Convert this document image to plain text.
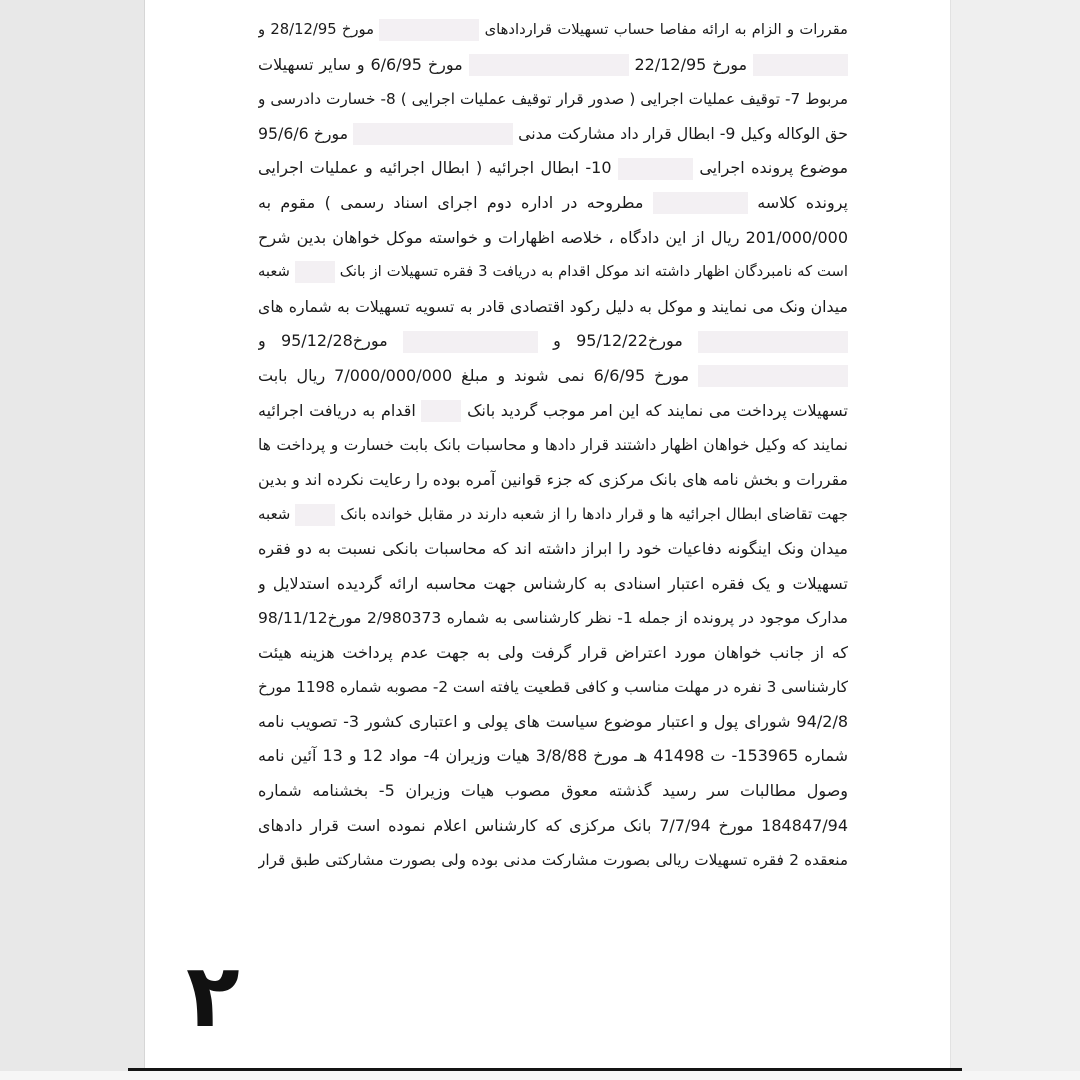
مقررات و الزام به ارائه مفاصا حساب تسهیلات قراردادهای  مورخ 28/12/95 و
مورخ 22/12/95  مورخ 6/6/95 و سایر تسهیلات
مربوط 7- توقیف عملیات اجرایی ( صدور قرار توقیف عملیات اجرایی ) 8- خسارت دادرسی و
حق الوکاله وکیل 9- ابطال قرار داد مشارکت مدنی  مورخ 95/6/6
موضوع پرونده اجرایی  10- ابطال اجرائیه ( ابطال اجرائیه و عملیات اجرایی
پرونده کلاسه  مطروحه در اداره دوم اجرای اسناد رسمی ) مقوم به
201/000/000 ریال از این دادگاه ، خلاصه اظهارات و خواسته موکل خواهان بدین شرح
است که نامبردگان اظهار داشته اند موکل اقدام به دریافت 3 فقره تسهیلات از بانک  شعبه
میدان ونک می نمایند و موکل به دلیل رکود اقتصادی قادر به تسویه تسهیلات به شماره های
مورخ95/12/22 و  مورخ95/12/28 و
مورخ 6/6/95 نمی شوند و مبلغ 7/000/000/000 ریال بابت
تسهیلات پرداخت می نمایند که این امر موجب گردید بانک  اقدام به دریافت اجرائیه
نمایند که وکیل خواهان اظهار داشتند قرار دادها و محاسبات بانک بابت خسارت و پرداخت ها
مقررات و بخش نامه های بانک مرکزی که جزء قوانین آمره بوده را رعایت نکرده اند و بدین
جهت تقاضای ابطال اجرائیه ها و قرار دادها را از شعبه دارند در مقابل خوانده بانک  شعبه
میدان ونک اینگونه دفاعیات خود را ابراز داشته اند که محاسبات بانکی نسبت به دو فقره
تسهیلات و یک فقره اعتبار اسنادی به کارشناس جهت محاسبه ارائه گردیده استدلایل و
مدارک موجود در پرونده از جمله 1- نظر کارشناسی به شماره 2/980373 مورخ98/11/12
که از جانب خواهان مورد اعتراض قرار گرفت ولی به جهت عدم پرداخت هزینه هیئت
کارشناسی 3 نفره در مهلت مناسب و کافی قطعیت یافته است 2- مصوبه شماره 1198 مورخ
94/2/8 شورای پول و اعتبار موضوع سیاست های پولی و اعتباری کشور 3- تصویب نامه
شماره 153965- ت 41498 هـ مورخ 3/8/88 هیات وزیران 4- مواد 12 و 13 آئین نامه
وصول مطالبات سر رسید گذشته معوق مصوب هیات وزیران 5- بخشنامه شماره
184847/94 مورخ 7/7/94 بانک مرکزی که کارشناس اعلام نموده است قرار دادهای
منعقده 2 فقره تسهیلات ریالی بصورت مشارکت مدنی بوده ولی بصورت مشارکتی طبق قرار
۲
